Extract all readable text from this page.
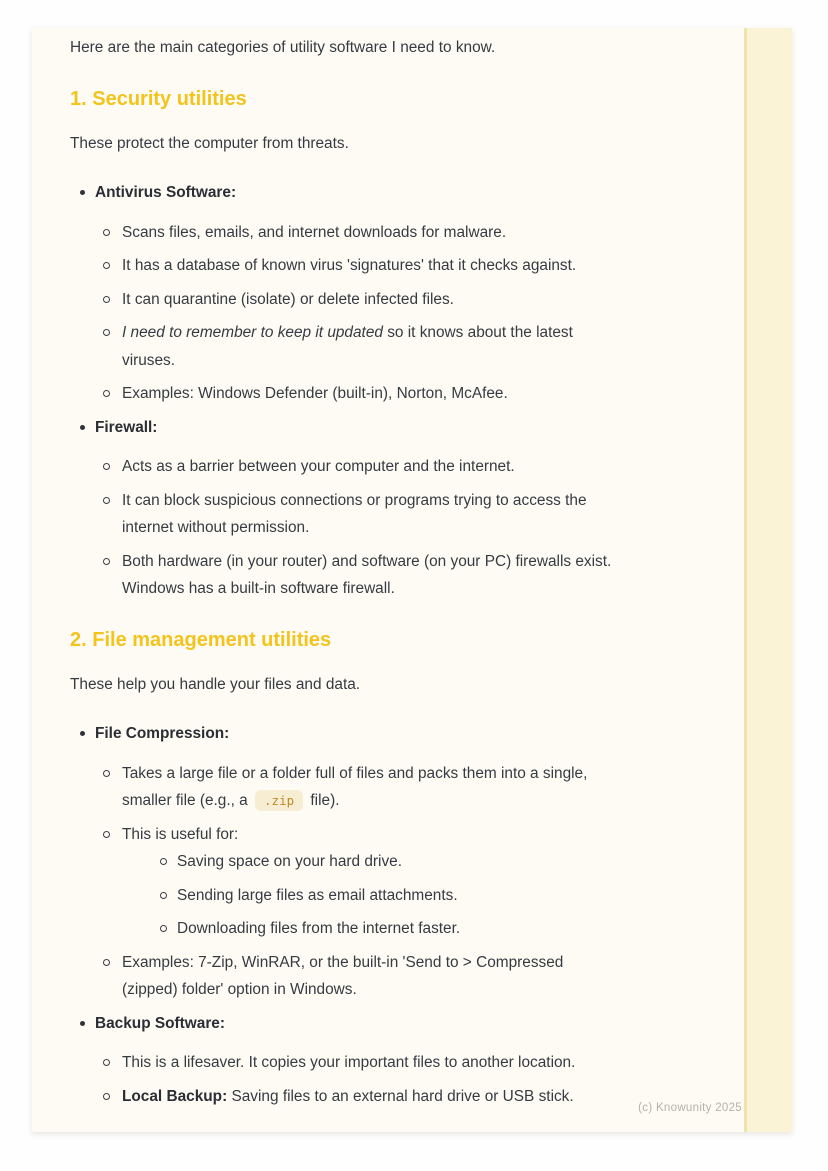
Here are the main categories of utility software I need to know.

1. Security utilities

These protect the computer from threats.

Antivirus Software:
Scans files, emails, and internet downloads for malware.
It has a database of known virus 'signatures' that it checks against.
It can quarantine (isolate) or delete infected files.
I need to remember to keep it updated so it knows about the latest
viruses.
Examples: Windows Defender (built-in), Norton, McAfee.
Firewall:
Acts as a barrier between your computer and the internet.
It can block suspicious connections or programs trying to access the
internet without permission.
Both hardware (in your router) and software (on your PC) firewalls exist.
Windows has a built-in software firewall.
2. File management utilities

These help you handle your files and data.

File Compression:
Takes a large file or a folder full of files and packs them into a single,
smaller file (e.g., a .zip file).
This is useful for:
Saving space on your hard drive.
Sending large files as email attachments.
Downloading files from the internet faster.
Examples: 7-Zip, WinRAR, or the built-in 'Send to > Compressed
(zipped) folder' option in Windows.
Backup Software:
This is a lifesaver. It copies your important files to another location.
Local Backup: Saving files to an external hard drive or USB stick.
(c) Knowunity 2025
